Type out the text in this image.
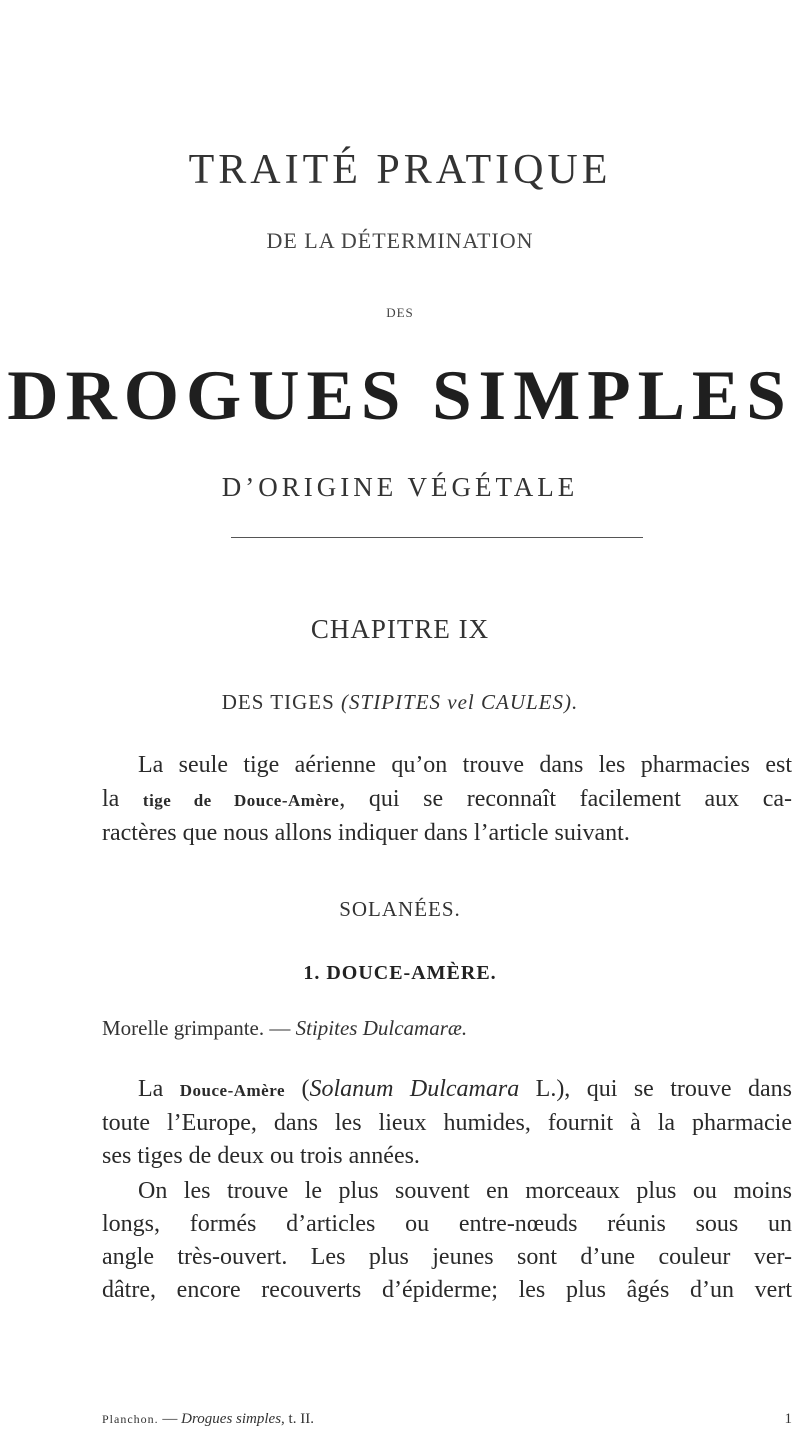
TRAITÉ PRATIQUE
DE LA DÉTERMINATION
DES
DROGUES SIMPLES
D’ORIGINE VÉGÉTALE
CHAPITRE IX
DES TIGES (STIPITES vel CAULES).
La seule tige aérienne qu’on trouve dans les pharmacies est
la tige de Douce-Amère, qui se reconnaît facilement aux ca-
ractères que nous allons indiquer dans l’article suivant.
SOLANÉES.
1. DOUCE-AMÈRE.
Morelle grimpante. — Stipites Dulcamaræ.
La Douce-Amère (Solanum Dulcamara L.), qui se trouve dans
toute l’Europe, dans les lieux humides, fournit à la pharmacie
ses tiges de deux ou trois années.
On les trouve le plus souvent en morceaux plus ou moins
longs, formés d’articles ou entre-nœuds réunis sous un
angle très-ouvert. Les plus jeunes sont d’une couleur ver-
dâtre, encore recouverts d’épiderme; les plus âgés d’un vert
Planchon. — Drogues simples, t. II.	1
